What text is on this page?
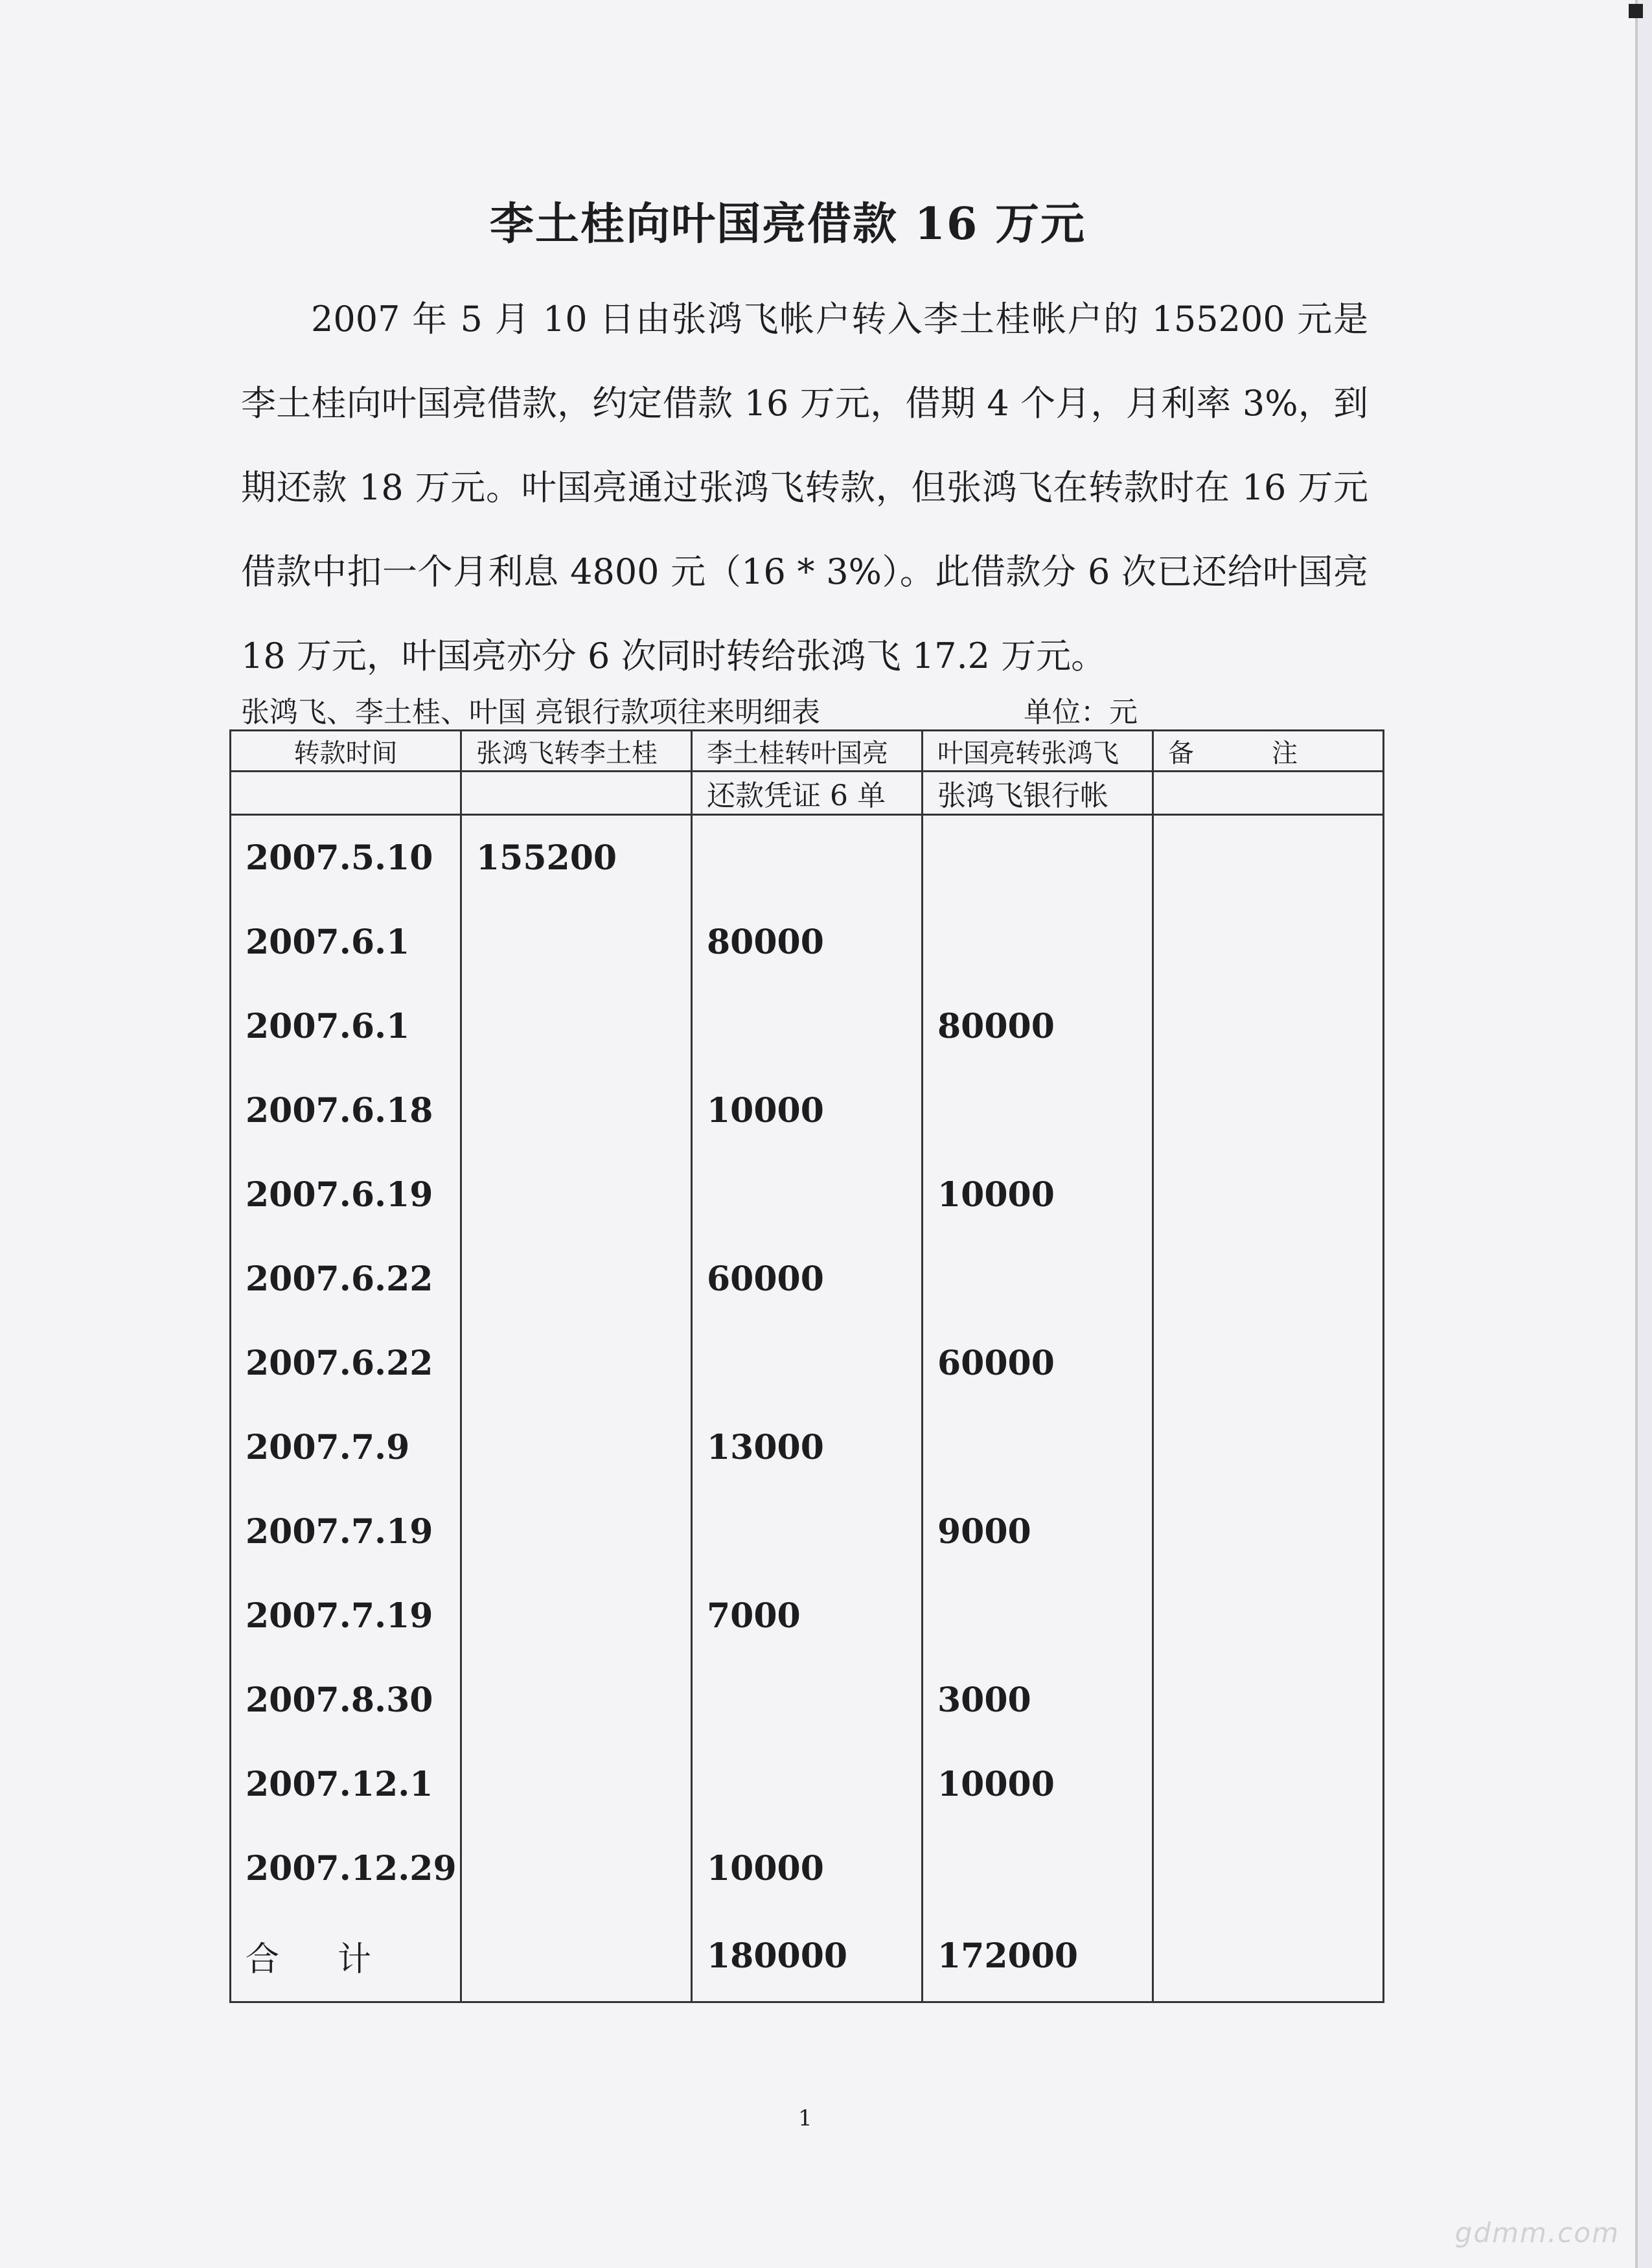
李土桂向叶国亮借款 16 万元
2007 年 5 月 10 日由张鸿飞帐户转入李土桂帐户的 155200 元是李土桂向叶国亮借款，约定借款 16 万元，借期 4 个月，月利率 3%，到期还款 18 万元。叶国亮通过张鸿飞转款，但张鸿飞在转款时在 16 万元借款中扣一个月利息 4800 元（16 * 3%）。此借款分 6 次已还给叶国亮 18 万元，叶国亮亦分 6 次同时转给张鸿飞 17.2 万元。
张鸿飞、李土桂、叶国 亮银行款项往来明细表	单位：元
转款时间	张鸿飞转李土桂	李土桂转叶国亮	叶国亮转张鸿飞	备　　　注
		还款凭证 6 单	张鸿飞银行帐	
2007.5.10	155200			
2007.6.1		80000		
2007.6.1			80000	
2007.6.18		10000		
2007.6.19			10000	
2007.6.22		60000		
2007.6.22			60000	
2007.7.9		13000		
2007.7.19			9000	
2007.7.19		7000		
2007.8.30			3000	
2007.12.1			10000	
2007.12.29		10000		
合计		180000	172000	
1
gdmm.com
